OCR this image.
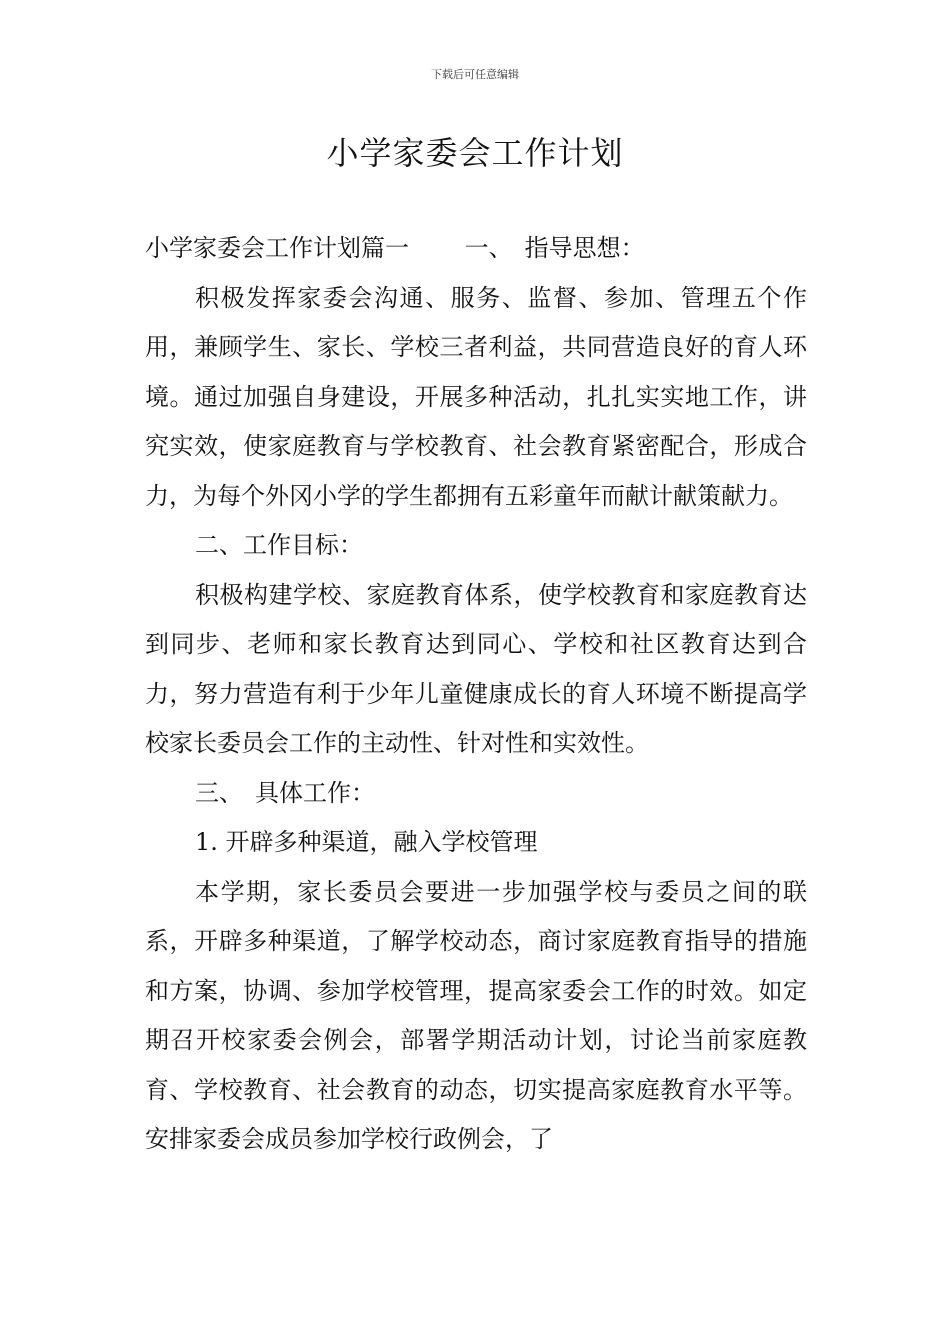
下载后可任意编辑
小学家委会工作计划

小学家委会工作计划篇一　　 一、　指导思想：

积极发挥家委会沟通、服务、监督、参加、管理五个作用，兼顾学生、家长、学校三者利益，共同营造良好的育人环境。通过加强自身建设，开展多种活动，扎扎实实地工作，讲究实效，使家庭教育与学校教育、社会教育紧密配合，形成合力，为每个外冈小学的学生都拥有五彩童年而献计献策献力。

二、工作目标：

积极构建学校、家庭教育体系，使学校教育和家庭教育达到同步、老师和家长教育达到同心、学校和社区教育达到合力，努力营造有利于少年儿童健康成长的育人环境不断提高学校家长委员会工作的主动性、针对性和实效性。

三、　具体工作：

1. 开辟多种渠道，融入学校管理

本学期，家长委员会要进一步加强学校与委员之间的联系，开辟多种渠道，了解学校动态，商讨家庭教育指导的措施和方案，协调、参加学校管理，提高家委会工作的时效。如定期召开校家委会例会，部署学期活动计划，讨论当前家庭教育、学校教育、社会教育的动态，切实提高家庭教育水平等。安排家委会成员参加学校行政例会，了
